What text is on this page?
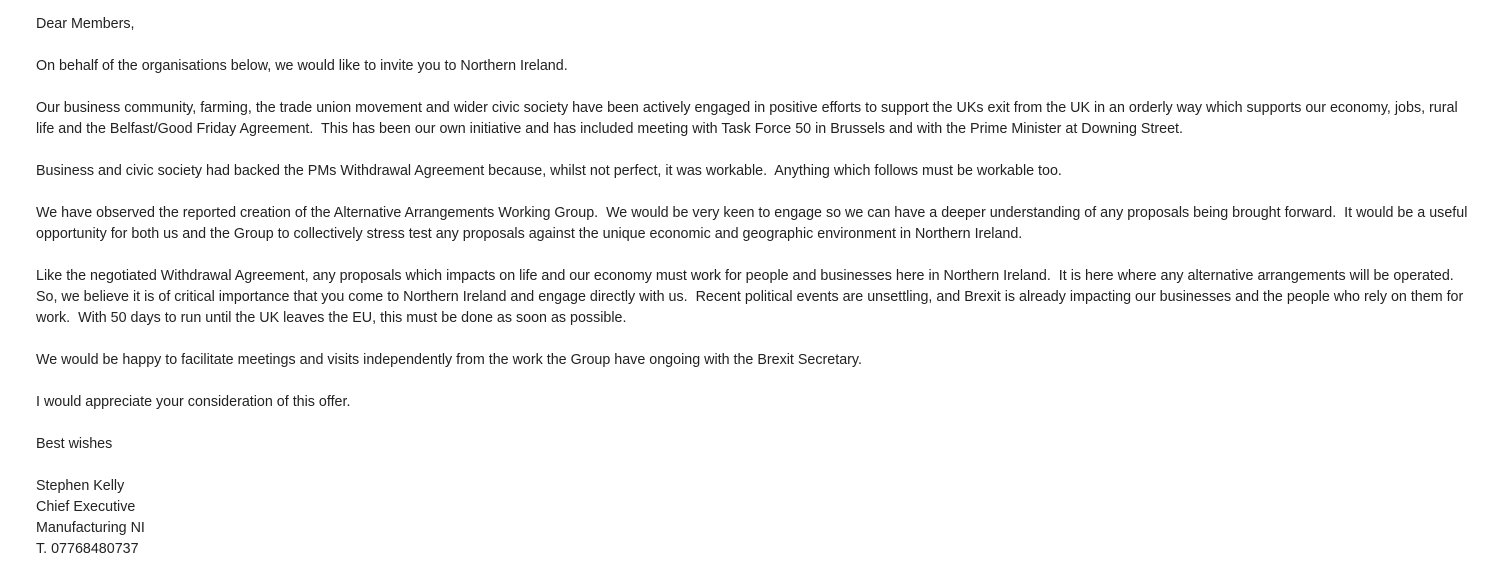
Dear Members,

On behalf of the organisations below, we would like to invite you to Northern Ireland.

Our business community, farming, the trade union movement and wider civic society have been actively engaged in positive efforts to support the UKs exit from the UK in an orderly way which supports our economy, jobs, rural life and the Belfast/Good Friday Agreement.  This has been our own initiative and has included meeting with Task Force 50 in Brussels and with the Prime Minister at Downing Street.

Business and civic society had backed the PMs Withdrawal Agreement because, whilst not perfect, it was workable.  Anything which follows must be workable too.

We have observed the reported creation of the Alternative Arrangements Working Group.  We would be very keen to engage so we can have a deeper understanding of any proposals being brought forward.  It would be a useful opportunity for both us and the Group to collectively stress test any proposals against the unique economic and geographic environment in Northern Ireland.

Like the negotiated Withdrawal Agreement, any proposals which impacts on life and our economy must work for people and businesses here in Northern Ireland.  It is here where any alternative arrangements will be operated.  So, we believe it is of critical importance that you come to Northern Ireland and engage directly with us.  Recent political events are unsettling, and Brexit is already impacting our businesses and the people who rely on them for work.  With 50 days to run until the UK leaves the EU, this must be done as soon as possible.

We would be happy to facilitate meetings and visits independently from the work the Group have ongoing with the Brexit Secretary.

I would appreciate your consideration of this offer.

Best wishes

Stephen Kelly

Chief Executive

Manufacturing NI

T. 07768480737
